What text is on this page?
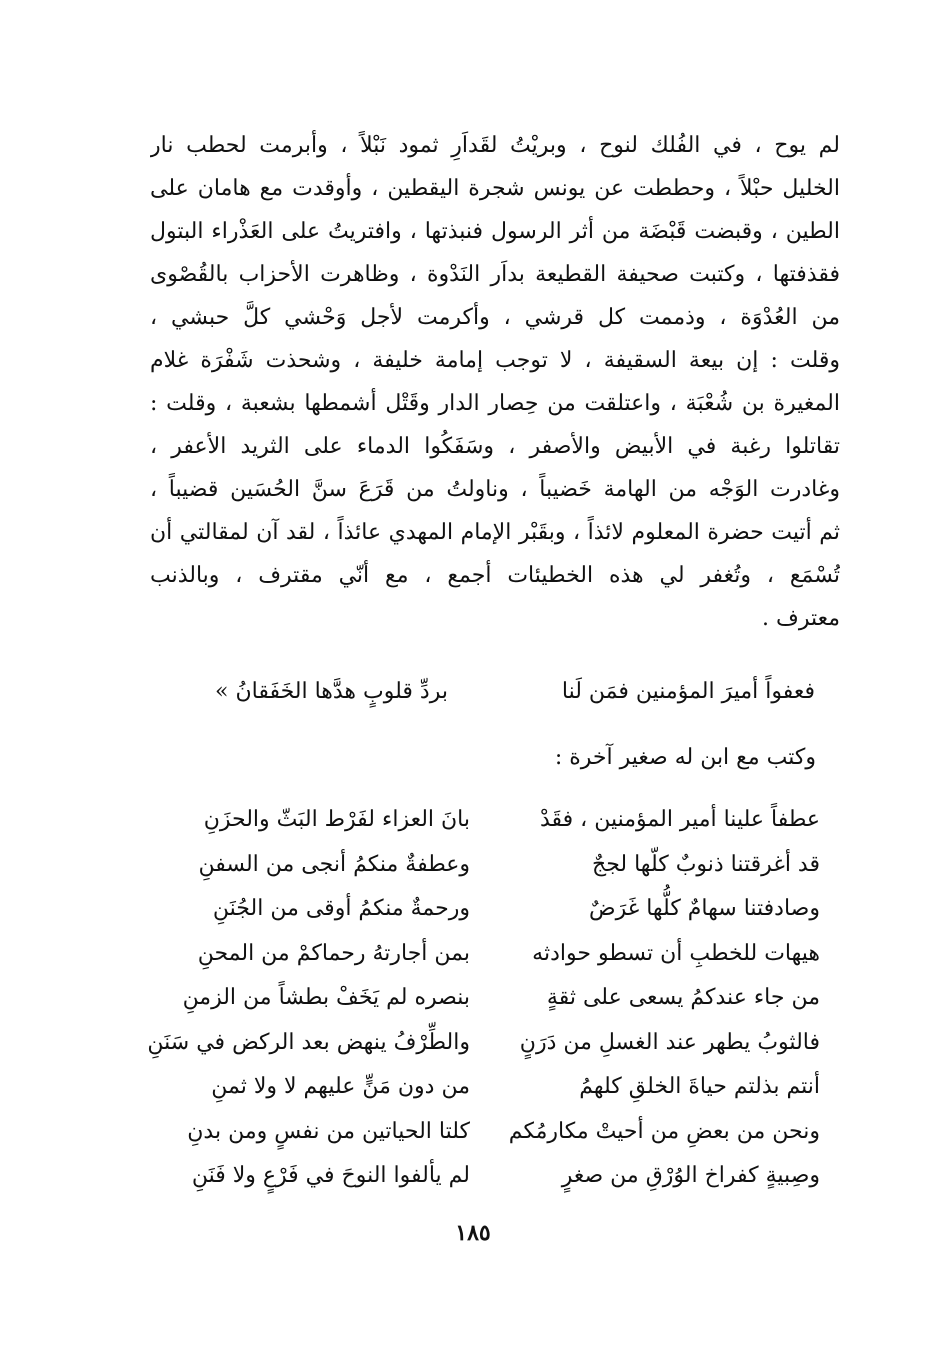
لم يوح ، في الفُلك لنوح ، وبريْتُ لقَداَرِ ثمود نَبْلاً ، وأبرمت لحطب نار
الخليل حبْلاً ، وحططت عن يونس شجرة اليقطين ، وأوقدت مع هامان على
الطين ، وقبضت قَبْضَة من أثر الرسول فنبذتها ، وافتريتُ على العَذْراء البتول
فقذفتها ، وكتبت صحيفة القطيعة بداَر النَدْوة ، وظاهرت الأحزاب بالقُصْوى
من العُدْوَة ، وذممت كل قرشي ، وأكرمت لأجل وَحْشي كلَّ حبشي ،
وقلت : إن بيعة السقيفة ، لا توجب إمامة خليفة ، وشحذت شَفْرَة غلام
المغيرة بن شُعْبَة ، واعتلقت من حِصار الدار وقَتْل أشمطها بشعبة ، وقلت :
تقاتلوا رغبة في الأبيض والأصفر ، وسَفَكُوا الدماء على الثريد الأعفر ،
وغادرت الوَجْه من الهامة خَضيباً ، وناولتُ من قَرَعَ سنَّ الحُسَين قضيباً ،
ثم أتيت حضرة المعلوم لائذاً ، وبقَبْر الإمام المهدي عائذاً ، لقد آن لمقالتي أن
تُسْمَع ، وتُغفر لي هذه الخطيئات أجمع ، مع أنّي مقترف ، وبالذنب
معترف .
فعفواً أميرَ المؤمنين فمَن لَنا
بردِّ قلوبٍ هدَّها الخَفَقانُ »
وكتب مع ابن له صغير آخرة :
عطفاً علينا أمير المؤمنين ، فقَدْ
بانَ العزاء لفَرْط البَثّ والحزَنِ
قد أغرقتنا ذنوبٌ كلّها لججٌ
وعطفةٌ منكمُ أنجى من السفنِ
وصادفتنا سهامٌ كلُّها غَرَضٌ
ورحمةٌ منكمُ أوقى من الجُنَنِ
هيهات للخطبِ أن تسطو حوادثه
بمن أجارتهُ رحماكمْ من المحنِ
من جاء عندكمُ يسعى على ثقةٍ
بنصره لم يَخَفْ بطشاً من الزمنِ
فالثوبُ يطهر عند الغسلِ من دَرَنٍ
والطِّرْفُ ينهض بعد الركض في سَنَنِ
أنتم بذلتم حياةَ الخلقِ كلهمُ
من دون مَنٍّ عليهم لا ولا ثمنِ
ونحن من بعضِ من أحيتْ مكارمُكم
كلتا الحياتين من نفسٍ ومن بدنِ
وصِبيةٍ كفراخ الوُرْقِ من صغرٍ
لم يألفوا النوحَ في فَرْعٍ ولا فَنَنِ
١٨٥
